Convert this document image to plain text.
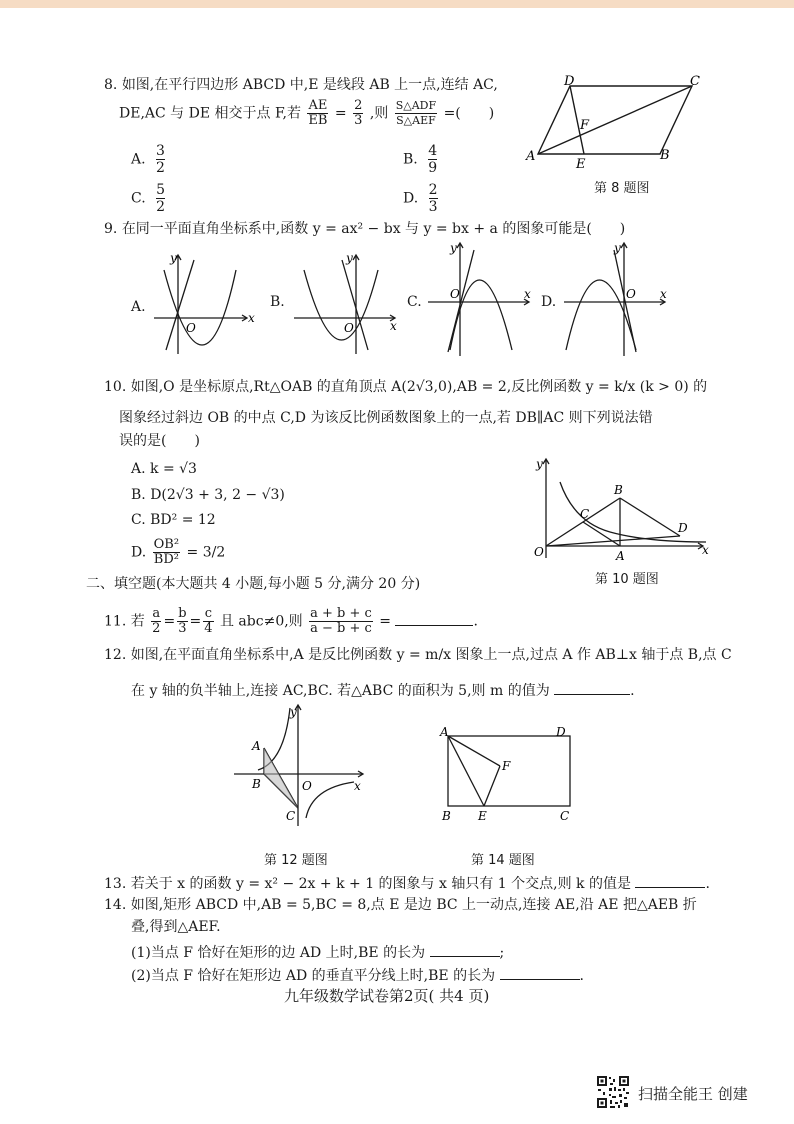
8. 如图,在平行四边形 ABCD 中,E 是线段 AB 上一点,连结 AC,
DE,AC 与 DE 相交于点 F,若 $\frac{AE}{EB} = \frac{2}{3}$ ,则 $\frac{\text{S△ADF}}{\text{S△AEF}}$ =(　　)
A. $\frac{3}{2}$	B. $\frac{4}{9}$
C. $\frac{5}{2}$	D. $\frac{2}{3}$
A	B
C
D
E
F
第 8 题图
9. 在同一平面直角坐标系中,函数 y = ax² − bx 与 y = bx + a 的图象可能是(　　)
A.
y
x
O
B.
y
x
O
C.
y
x
O	D.
y
x
O
10. 如图,O 是坐标原点,Rt△OAB 的直角顶点 A(2√3,0),AB = 2,反比例函数 y = k/x (k > 0) 的
图象经过斜边 OB 的中点 C,D 为该反比例函数图象上的一点,若 DB∥AC 则下列说法错
误的是(　　)
A. k = √3
B. D(2√3 + 3, 2 − √3)
C. BD² = 12
D. $\frac{\text{OB²}}{\text{BD²}} = 3/2$
y
x
O	A
B
C
D
第 10 题图
二、填空题(本大题共 4 小题,每小题 5 分,满分 20 分)
11. 若 $\frac{a}{2} = \frac{b}{3} = \frac{c}{4}$ 且 abc≠0,则 $\frac{a + b + c}{a - b + c}$ =	.
12. 如图,在平面直角坐标系中,A 是反比例函数 y = m/x 图象上一点,过点 A 作 AB⊥x 轴于点 B,点 C
在 y 轴的负半轴上,连接 AC,BC. 若△ABC 的面积为 5,则 m 的值为	.
y
x
O
A
B
C
第 12 题图
A
B	C
D
E
F
第 14 题图
13. 若关于 x 的函数 y = x² − 2x + k + 1 的图象与 x 轴只有 1 个交点,则 k 的值是	.
14. 如图,矩形 ABCD 中,AB = 5,BC = 8,点 E 是边 BC 上一动点,连接 AE,沿 AE 把△AEB 折
叠,得到△AEF.
(1)当点 F 恰好在矩形的边 AD 上时,BE 的长为	;
(2)当点 F 恰好在矩形边 AD 的垂直平分线上时,BE 的长为	.
九年级数学试卷第2页( 共4 页)
扫描全能王 创建
